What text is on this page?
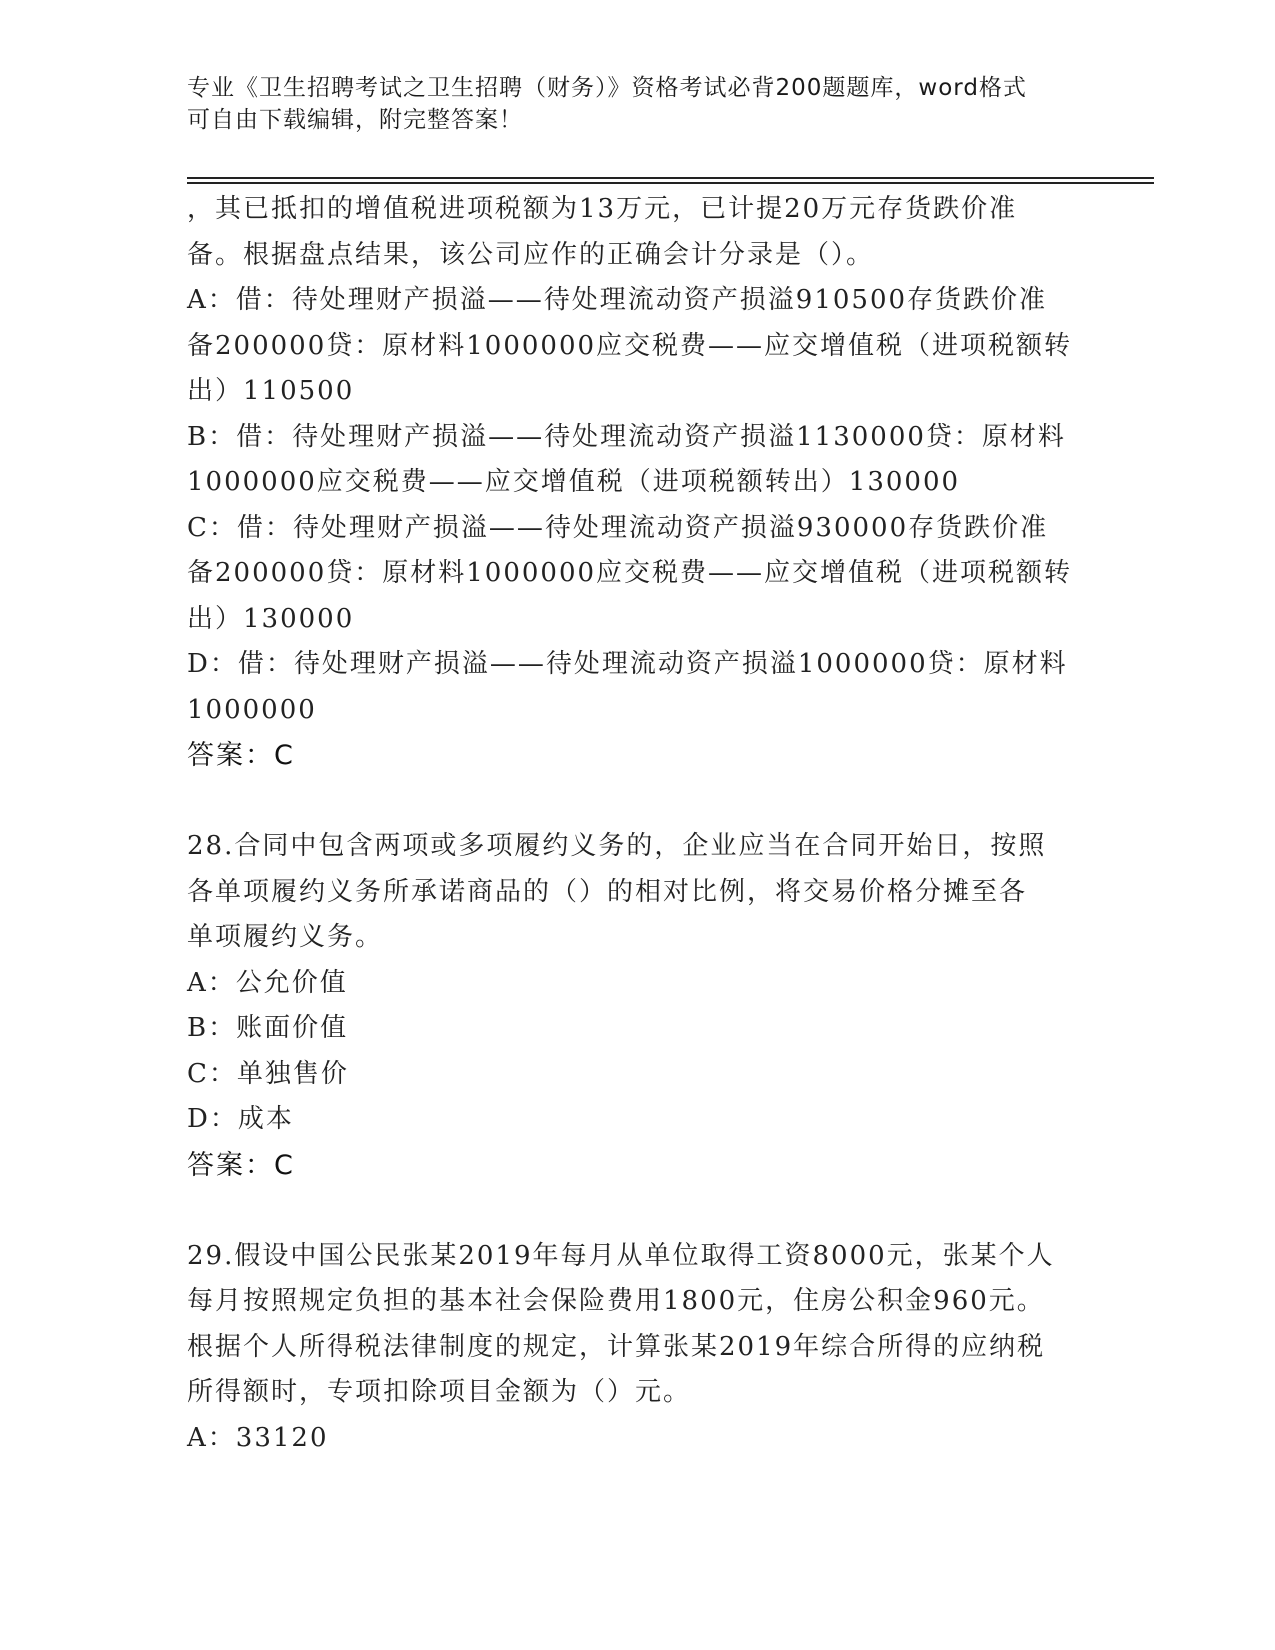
专业《卫生招聘考试之卫生招聘（财务）》资格考试必背200题题库，word格式
可自由下载编辑，附完整答案！
，其已抵扣的增值税进项税额为13万元，已计提20万元存货跌价准
备。根据盘点结果，该公司应作的正确会计分录是（）。
A：借：待处理财产损溢——待处理流动资产损溢910500存货跌价准
备200000贷：原材料1000000应交税费——应交增值税（进项税额转
出）110500
B：借：待处理财产损溢——待处理流动资产损溢1130000贷：原材料
1000000应交税费——应交增值税（进项税额转出）130000
C：借：待处理财产损溢——待处理流动资产损溢930000存货跌价准
备200000贷：原材料1000000应交税费——应交增值税（进项税额转
出）130000
D：借：待处理财产损溢——待处理流动资产损溢1000000贷：原材料
1000000
答案：C
28.合同中包含两项或多项履约义务的，企业应当在合同开始日，按照
各单项履约义务所承诺商品的（）的相对比例，将交易价格分摊至各
单项履约义务。
A：公允价值
B：账面价值
C：单独售价
D：成本
答案：C
29.假设中国公民张某2019年每月从单位取得工资8000元，张某个人
每月按照规定负担的基本社会保险费用1800元，住房公积金960元。
根据个人所得税法律制度的规定，计算张某2019年综合所得的应纳税
所得额时，专项扣除项目金额为（）元。
A：33120
